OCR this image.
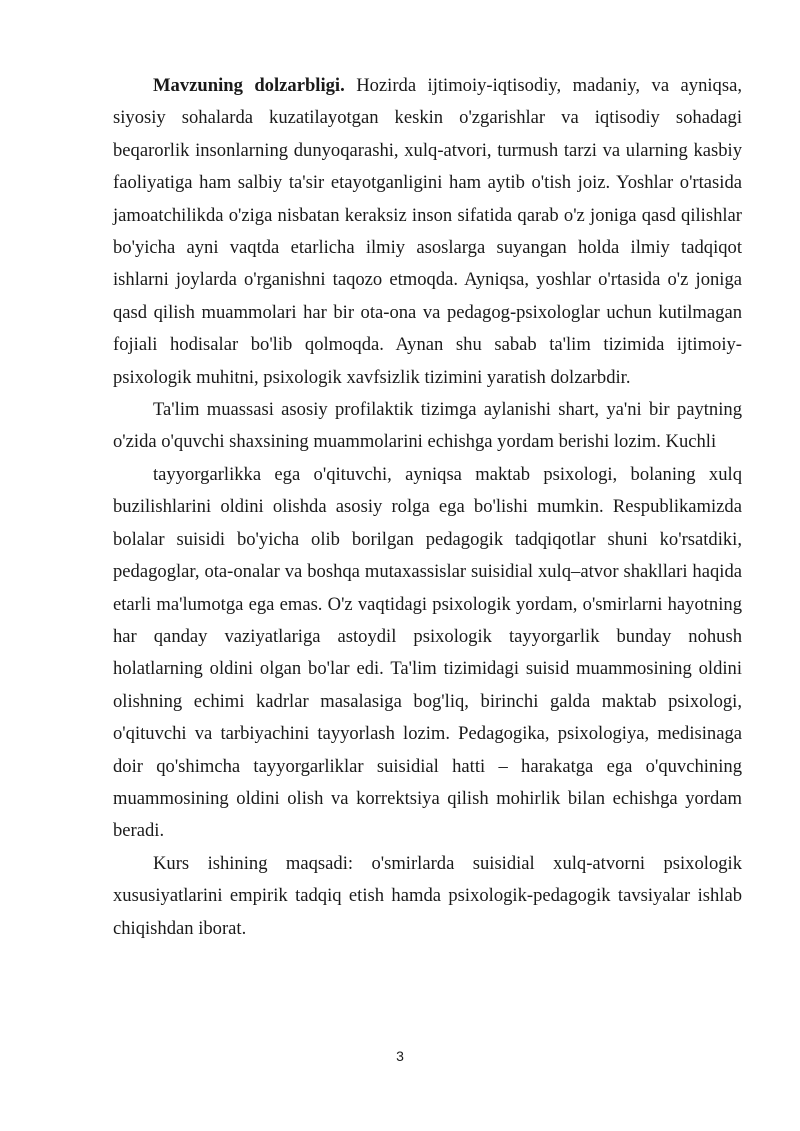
Mavzuning dolzarbligi. Hozirda ijtimoiy-iqtisodiy, madaniy, va ayniqsa, siyosiy sohalarda kuzatilayotgan keskin o'zgarishlar va iqtisodiy sohadagi beqarorlik insonlarning dunyoqarashi, xulq-atvori, turmush tarzi va ularning kasbiy faoliyatiga ham salbiy ta'sir etayotganligini ham aytib o'tish joiz. Yoshlar o'rtasida jamoatchilikda o'ziga nisbatan keraksiz inson sifatida qarab o'z joniga qasd qilishlar bo'yicha ayni vaqtda etarlicha ilmiy asoslarga suyangan holda ilmiy tadqiqot ishlarni joylarda o'rganishni taqozo etmoqda. Ayniqsa, yoshlar o'rtasida o'z joniga qasd qilish muammolari har bir ota-ona va pedagog-psixologlar uchun kutilmagan fojiali hodisalar bo'lib qolmoqda. Aynan shu sabab ta'lim tizimida ijtimoiy-psixologik muhitni, psixologik xavfsizlik tizimini yaratish dolzarbdir.

Ta'lim muassasi asosiy profilaktik tizimga aylanishi shart, ya'ni bir paytning o'zida o'quvchi shaxsining muammolarini echishga yordam berishi lozim. Kuchli

tayyorgarlikka ega o'qituvchi, ayniqsa maktab psixologi, bolaning xulq buzilishlarini oldini olishda asosiy rolga ega bo'lishi mumkin. Respublikamizda bolalar suisidi bo'yicha olib borilgan pedagogik tadqiqotlar shuni ko'rsatdiki, pedagoglar, ota-onalar va boshqa mutaxassislar suisidial xulq–atvor shakllari haqida etarli ma'lumotga ega emas. O'z vaqtidagi psixologik yordam, o'smirlarni hayotning har qanday vaziyatlariga astoydil psixologik tayyorgarlik bunday nohush holatlarning oldini olgan bo'lar edi. Ta'lim tizimidagi suisid muammosining oldini olishning echimi kadrlar masalasiga bog'liq, birinchi galda maktab psixologi, o'qituvchi va tarbiyachini tayyorlash lozim. Pedagogika, psixologiya, medisinaga doir qo'shimcha tayyorgarliklar suisidial hatti – harakatga ega o'quvchining muammosining oldini olish va korrektsiya qilish mohirlik bilan echishga yordam beradi.

Kurs ishining maqsadi: o'smirlarda suisidial xulq-atvorni psixologik xususiyatlarini empirik tadqiq etish hamda psixologik-pedagogik tavsiyalar ishlab chiqishdan iborat.

3
